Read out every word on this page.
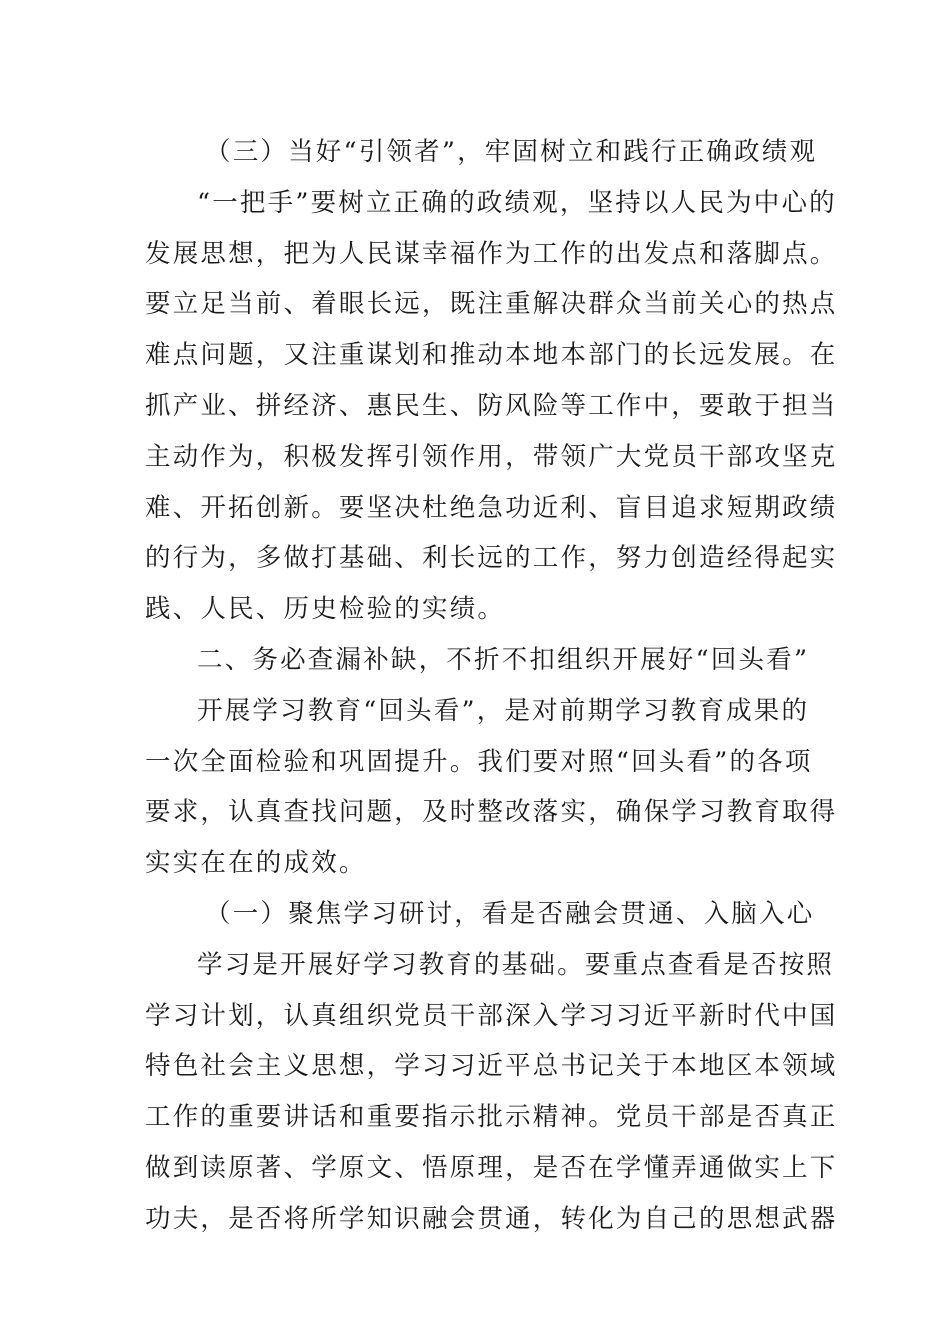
（三）当好“引领者”，牢固树立和践行正确政绩观
“一把手”要树立正确的政绩观，坚持以人民为中心的
发展思想，把为人民谋幸福作为工作的出发点和落脚点。
要立足当前、着眼长远，既注重解决群众当前关心的热点
难点问题，又注重谋划和推动本地本部门的长远发展。在
抓产业、拼经济、惠民生、防风险等工作中，要敢于担当
主动作为，积极发挥引领作用，带领广大党员干部攻坚克
难、开拓创新。要坚决杜绝急功近利、盲目追求短期政绩
的行为，多做打基础、利长远的工作，努力创造经得起实
践、人民、历史检验的实绩。
二、务必查漏补缺，不折不扣组织开展好“回头看”
开展学习教育“回头看”，是对前期学习教育成果的
一次全面检验和巩固提升。我们要对照“回头看”的各项
要求，认真查找问题，及时整改落实，确保学习教育取得
实实在在的成效。
（一）聚焦学习研讨，看是否融会贯通、入脑入心
学习是开展好学习教育的基础。要重点查看是否按照
学习计划，认真组织党员干部深入学习习近平新时代中国
特色社会主义思想，学习习近平总书记关于本地区本领域
工作的重要讲话和重要指示批示精神。党员干部是否真正
做到读原著、学原文、悟原理，是否在学懂弄通做实上下
功夫，是否将所学知识融会贯通，转化为自己的思想武器
